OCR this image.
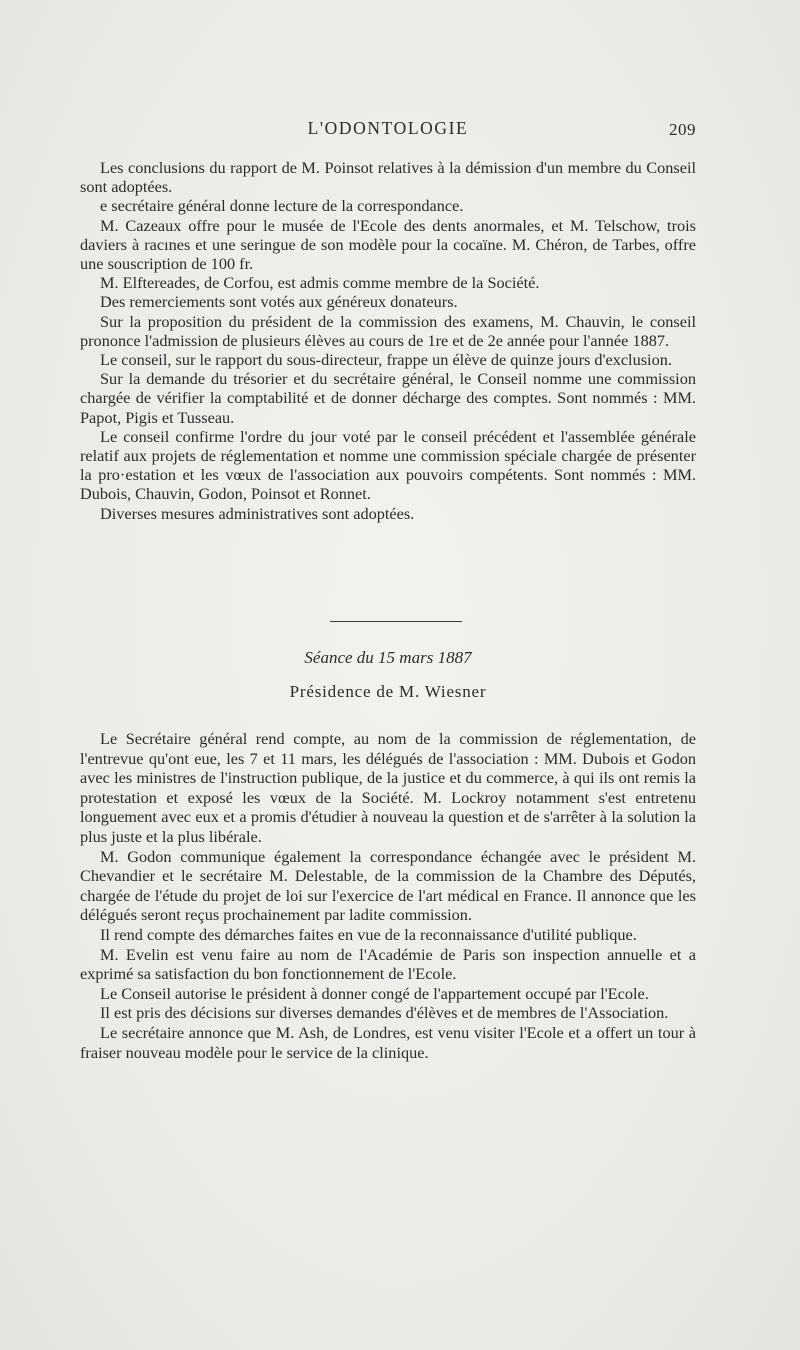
L'ODONTOLOGIE	209

Les conclusions du rapport de M. Poinsot relatives à la démission d'un membre du Conseil sont adoptées.

e secrétaire général donne lecture de la correspondance.

M. Cazeaux offre pour le musée de l'Ecole des dents anormales, et M. Telschow, trois daviers à racınes et une seringue de son modèle pour la cocaïne. M. Chéron, de Tarbes, offre une souscription de 100 fr.

M. Elftereades, de Corfou, est admis comme membre de la Société.

Des remerciements sont votés aux généreux donateurs.

Sur la proposition du président de la commission des examens, M. Chauvin, le conseil prononce l'admission de plusieurs élèves au cours de 1re et de 2e année pour l'année 1887.

Le conseil, sur le rapport du sous-directeur, frappe un élève de quinze jours d'exclusion.

Sur la demande du trésorier et du secrétaire général, le Conseil nomme une commission chargée de vérifier la comptabilité et de donner décharge des comptes. Sont nommés : MM. Papot, Pigis et Tusseau.

Le conseil confirme l'ordre du jour voté par le conseil précédent et l'assemblée générale relatif aux projets de réglementation et nomme une commission spéciale chargée de présenter la pro·estation et les vœux de l'association aux pouvoirs compétents. Sont nommés : MM. Dubois, Chauvin, Godon, Poinsot et Ronnet.

Diverses mesures administratives sont adoptées.

Séance du 15 mars 1887
Présidence de M. Wiesner

Le Secrétaire général rend compte, au nom de la commission de réglementation, de l'entrevue qu'ont eue, les 7 et 11 mars, les délégués de l'association : MM. Dubois et Godon avec les ministres de l'instruction publique, de la justice et du commerce, à qui ils ont remis la protestation et exposé les vœux de la Société. M. Lockroy notamment s'est entretenu longuement avec eux et a promis d'étudier à nouveau la question et de s'arrêter à la solution la plus juste et la plus libérale.

M. Godon communique également la correspondance échangée avec le président M. Chevandier et le secrétaire M. Delestable, de la commission de la Chambre des Députés, chargée de l'étude du projet de loi sur l'exercice de l'art médical en France. Il annonce que les délégués seront reçus prochainement par ladite commission.

Il rend compte des démarches faites en vue de la reconnaissance d'utilité publique.

M. Evelin est venu faire au nom de l'Académie de Paris son inspection annuelle et a exprimé sa satisfaction du bon fonctionnement de l'Ecole.

Le Conseil autorise le président à donner congé de l'appartement occupé par l'Ecole.

Il est pris des décisions sur diverses demandes d'élèves et de membres de l'Association.

Le secrétaire annonce que M. Ash, de Londres, est venu visiter l'Ecole et a offert un tour à fraiser nouveau modèle pour le service de la clinique.
